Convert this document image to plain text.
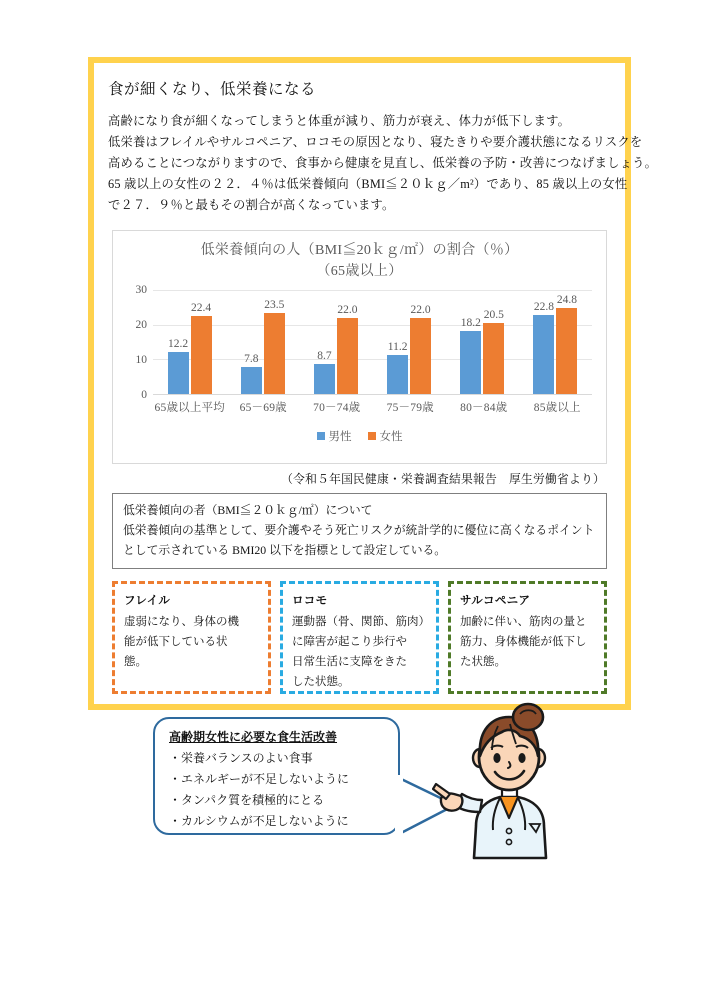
食が細くなり、低栄養になる

高齢になり食が細くなってしまうと体重が減り、筋力が衰え、体力が低下します。
低栄養はフレイルやサルコペニア、ロコモの原因となり、寝たきりや要介護状態になるリスクを
高めることにつながりますので、食事から健康を見直し、低栄養の予防・改善につなげましょう。
65 歳以上の女性の２２．４％は低栄養傾向（BMI≦２０ｋｇ／m²）であり、85 歳以上の女性
で２７．９％と最もその割合が高くなっています。

低栄養傾向の人（BMI≦20ｋｇ/㎡）の割合（％）
（65歳以上）
0
10
20
30
12.2
22.4
7.8
23.5
8.7
22.0
11.2
22.0
18.2
20.5
22.8
24.8
65歳以上平均	65－69歳	70－74歳	75－79歳	80－84歳	85歳以上
男性 女性
（令和５年国民健康・栄養調査結果報告　厚生労働省より）
低栄養傾向の者（BMI≦２０ｋｇ/㎡）について
低栄養傾向の基準として、要介護やそう死亡リスクが統計学的に優位に高くなるポイント
として示されている BMI20 以下を指標として設定している。
フレイル
虚弱になり、身体の機
能が低下している状
態。
ロコモ
運動器（骨、関節、筋肉）
に障害が起こり歩行や
日常生活に支障をきた
した状態。
サルコペニア
加齢に伴い、筋肉の量と
筋力、身体機能が低下し
た状態。
高齢期女性に必要な食生活改善
・栄養バランスのよい食事
・エネルギーが不足しないように
・タンパク質を積極的にとる
・カルシウムが不足しないように
